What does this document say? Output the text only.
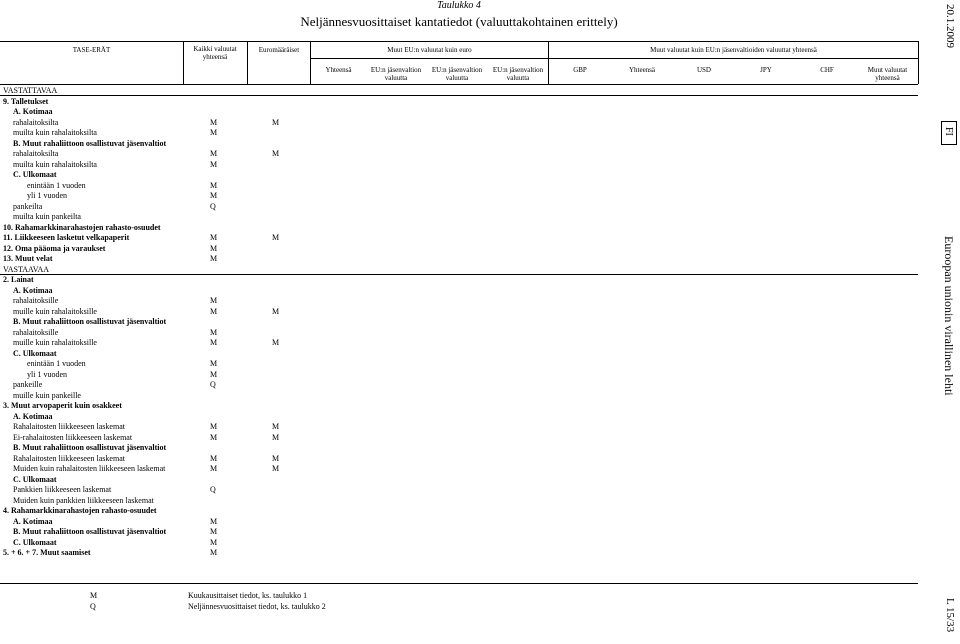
Taulukko 4
Neljännesvuosittaiset kantatiedot (valuuttakohtainen erittely)
TASE-ERÄT	Kaikki valuutat yhteensä
Euromääräiset	Muut EU:n valuutat kuin euro	Muut valuutat kuin EU:n jäsenvaltioiden valuuttat yhteensä
Yhteensä	EU:n jäsenvaltion valuutta
EU:n jäsenvaltion valuutta
EU:n jäsenvaltion valuutta
GBP	Yhteensä	USD	JPY	CHF	Muut valuutat yhteensä
VASTATTAVAA
9. Talletukset
A. Kotimaa
rahalaitoksilta	M	M
muilta kuin rahalaitoksilta	M
B. Muut rahaliittoon osallistuvat jäsenvaltiot
rahalaitoksilta	M	M
muilta kuin rahalaitoksilta	M
C. Ulkomaat
enintään 1 vuoden	M
yli 1 vuoden	M
pankeilta	Q
muilta kuin pankeilta
10. Rahamarkkinarahastojen rahasto-osuudet
11. Liikkeeseen lasketut velkapaperit	M	M
12. Oma pääoma ja varaukset	M
13. Muut velat	M
VASTAAVAA
2. Lainat
A. Kotimaa
rahalaitoksille	M
muille kuin rahalaitoksille	M	M
B. Muut rahaliittoon osallistuvat jäsenvaltiot
rahalaitoksille	M
muille kuin rahalaitoksille	M	M
C. Ulkomaat
enintään 1 vuoden	M
yli 1 vuoden	M
pankeille	Q
muille kuin pankeille
3. Muut arvopaperit kuin osakkeet
A. Kotimaa
Rahalaitosten liikkeeseen laskemat	M	M
Ei-rahalaitosten liikkeeseen laskemat	M	M
B. Muut rahaliittoon osallistuvat jäsenvaltiot
Rahalaitosten liikkeeseen laskemat	M	M
Muiden kuin rahalaitosten liikkeeseen laskemat	M	M
C. Ulkomaat
Pankkien liikkeeseen laskemat	Q
Muiden kuin pankkien liikkeeseen laskemat
4. Rahamarkkinarahastojen rahasto-osuudet
A. Kotimaa	M
B. Muut rahaliittoon osallistuvat jäsenvaltiot	M
C. Ulkomaat	M
5. + 6. + 7. Muut saamiset	M
M	Kuukausittaiset tiedot, ks. taulukko 1
Q	Neljännesvuosittaiset tiedot, ks. taulukko 2
20.1.2009
FI
Euroopan unionin virallinen lehti
L 15/33
